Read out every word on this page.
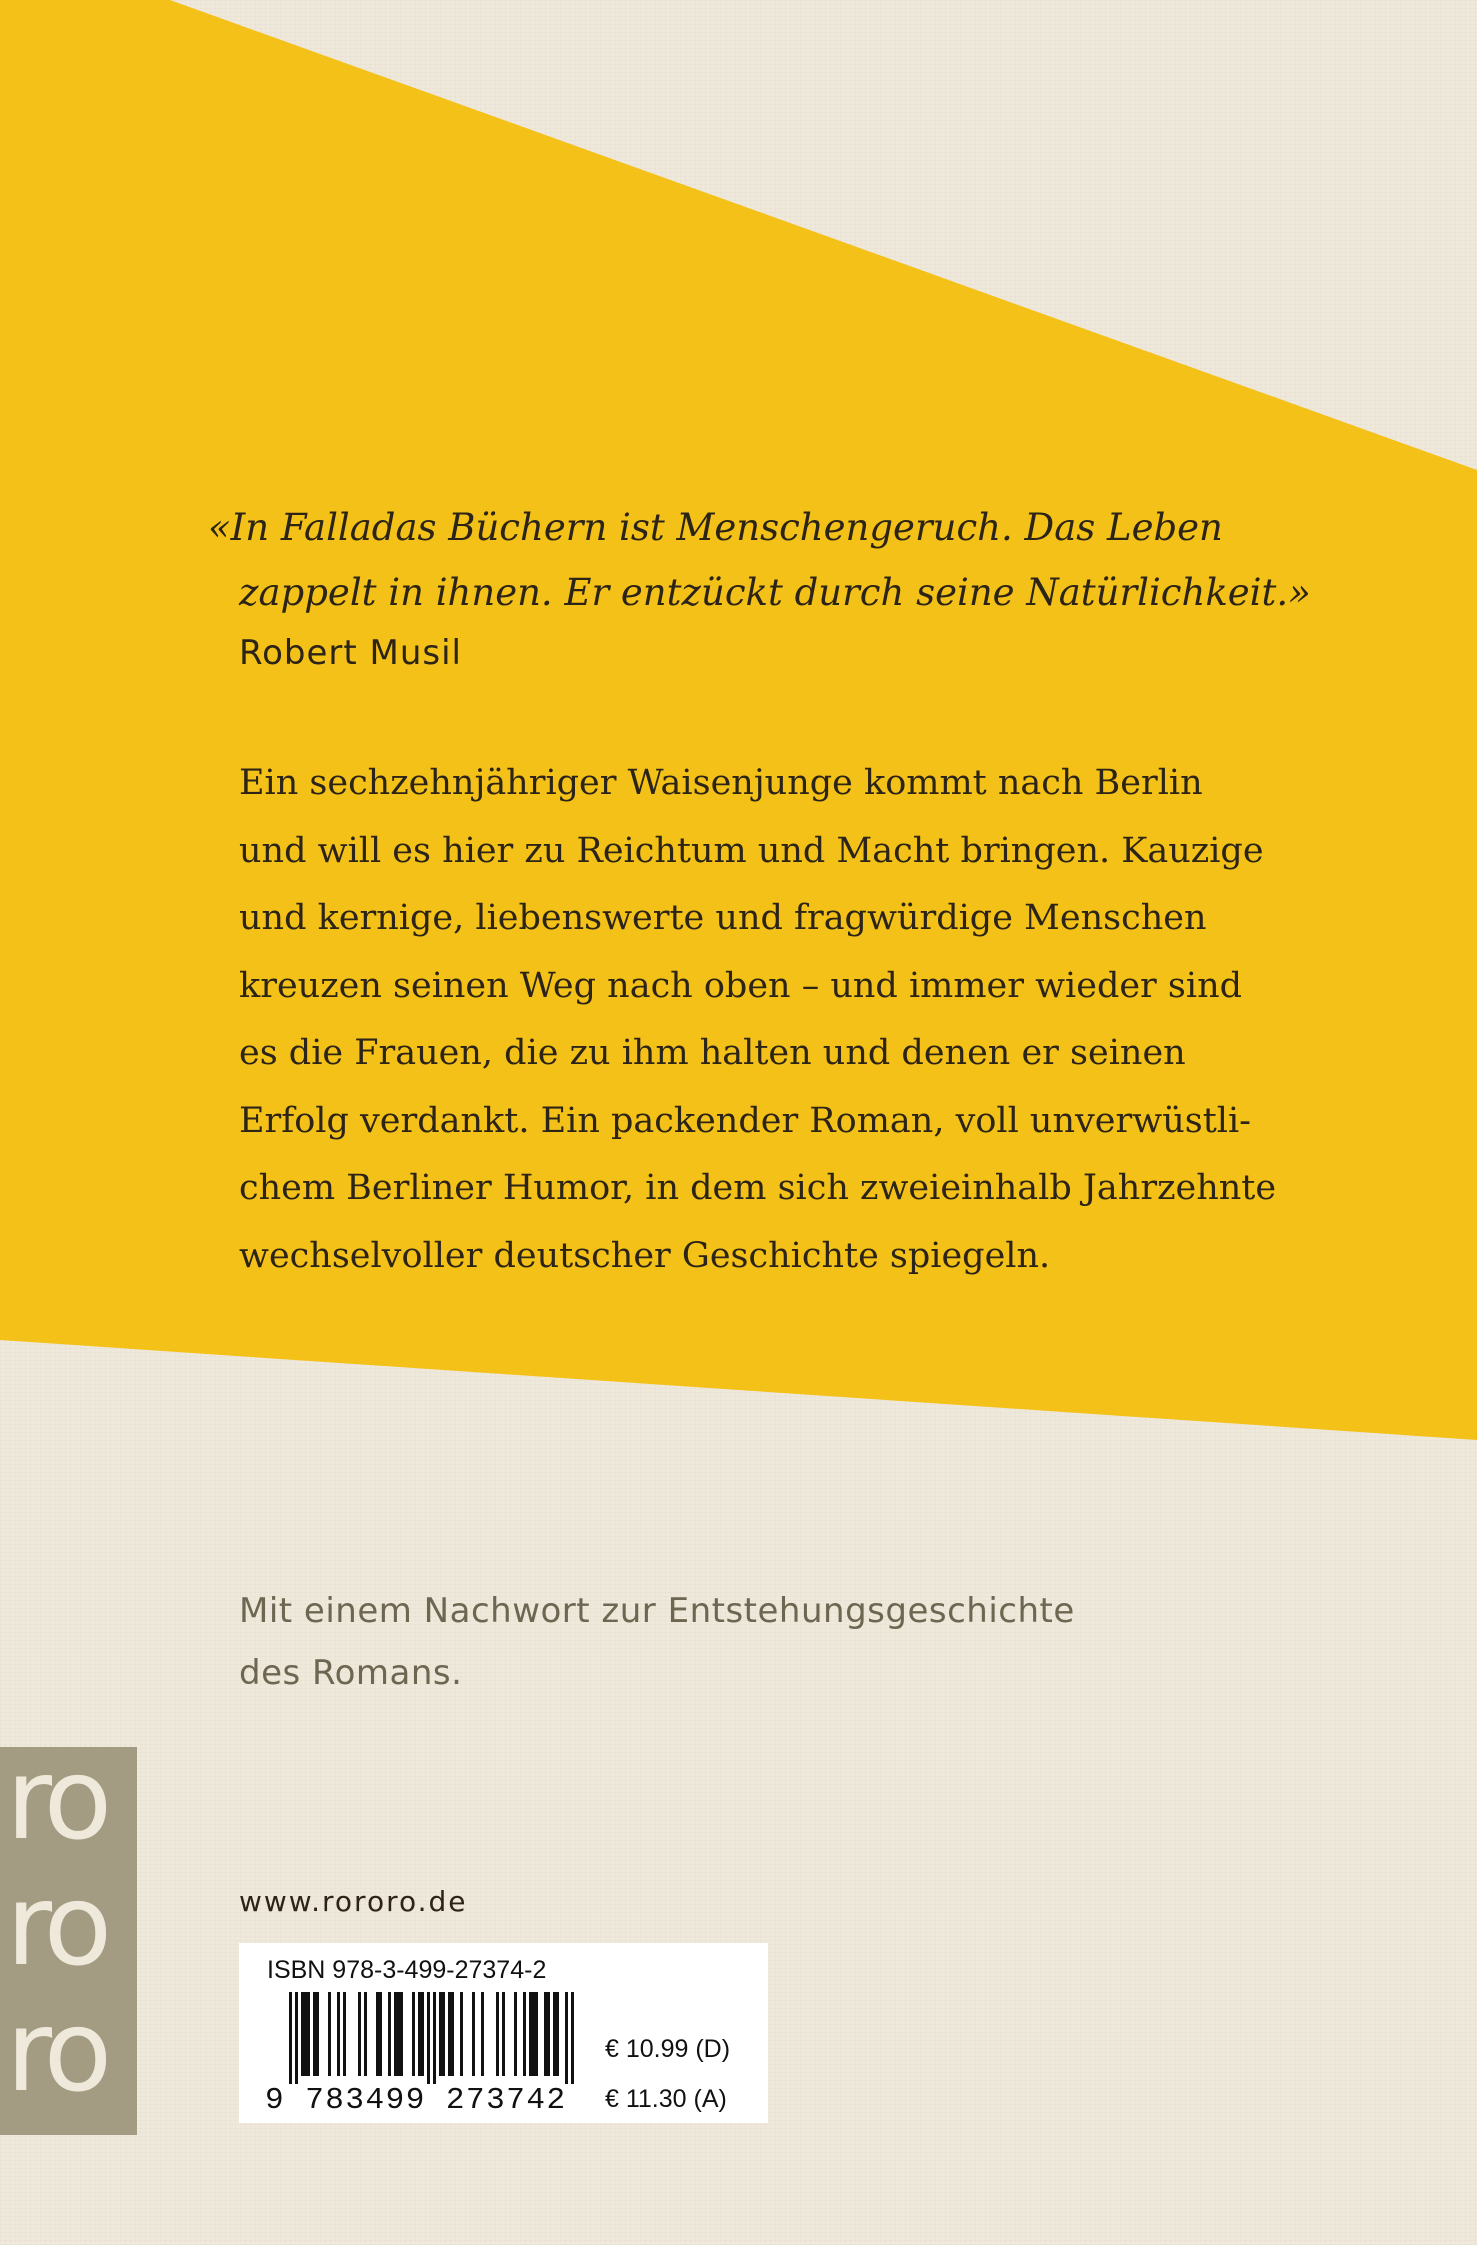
«In Falladas Büchern ist Menschengeruch. Das Leben
zappelt in ihnen. Er entzückt durch seine Natürlichkeit.»
Robert Musil
Ein sechzehnjähriger Waisenjunge kommt nach Berlin
und will es hier zu Reichtum und Macht bringen. Kauzige
und kernige, liebenswerte und fragwürdige Menschen
kreuzen seinen Weg nach oben – und immer wieder sind
es die Frauen, die zu ihm halten und denen er seinen
Erfolg verdankt. Ein packender Roman, voll unverwüstli-
chem Berliner Humor, in dem sich zweieinhalb Jahrzehnte
wechselvoller deutscher Geschichte spiegeln.
Mit einem Nachwort zur Entstehungsgeschichte
des Romans.
ro
ro
ro
www.rororo.de
ISBN 978-3-499-27374-2
9 783499 273742
€ 10.99 (D)
€ 11.30 (A)
